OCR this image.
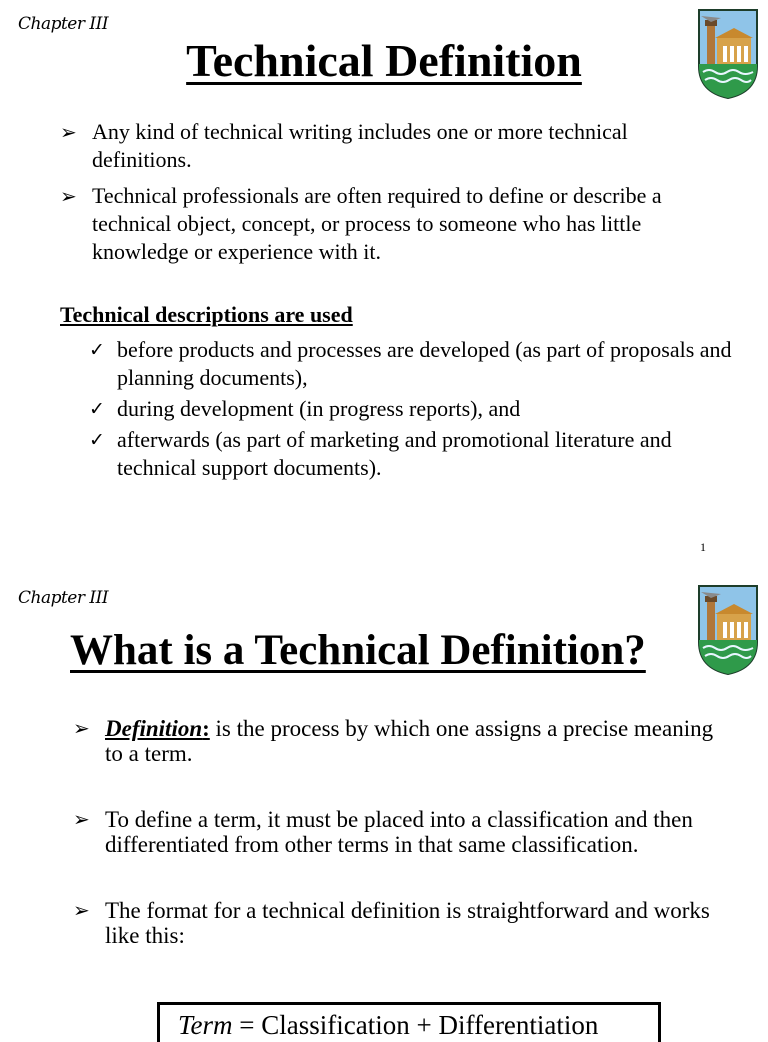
Chapter III
Technical Definition
➢ Any kind of technical writing includes one or more technical definitions.
➢ Technical professionals are often required to define or describe a technical object, concept, or process to someone who has little knowledge or experience with it.
Technical descriptions are used
✓ before products and processes are developed (as part of proposals and planning documents),
✓ during development (in progress reports), and
✓ afterwards (as part of marketing and promotional literature and technical support documents).
1
Chapter III
What is a Technical Definition?
➢ Definition: is the process by which one assigns a precise meaning to a term.
➢ To define a term, it must be placed into a classification and then differentiated from other terms in that same classification.
➢ The format for a technical definition is straightforward and works like this:
Term = Classification + Differentiation
